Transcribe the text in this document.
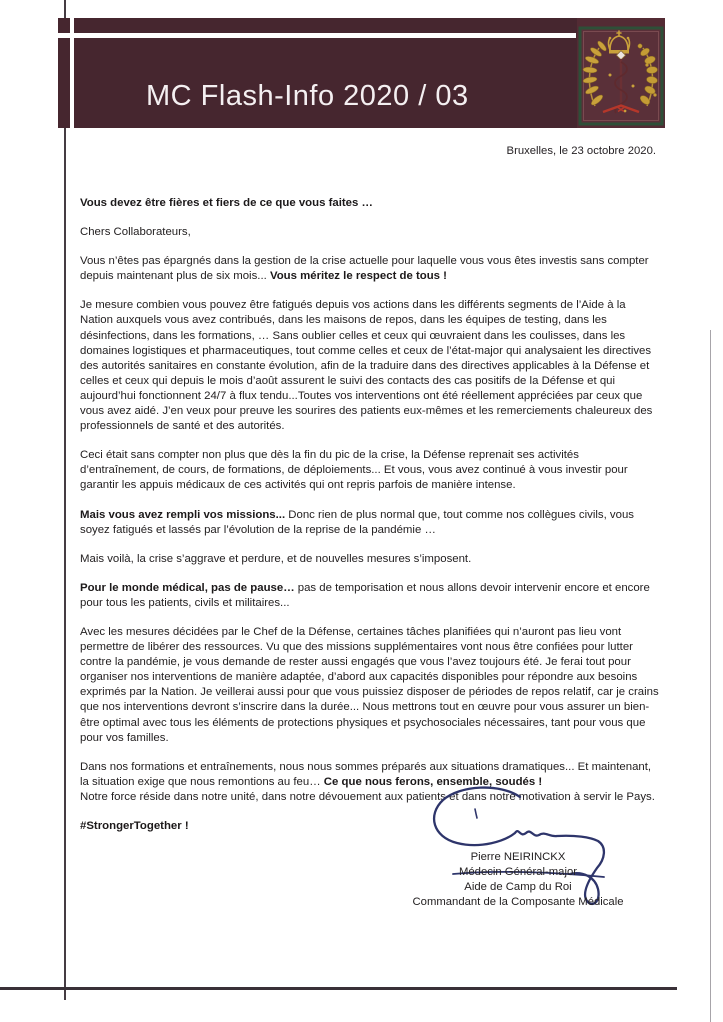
MC Flash-Info 2020 / 03
Bruxelles, le 23 octobre 2020.

Vous devez être fières et fiers de ce que vous faites …

Chers Collaborateurs,

Vous n’êtes pas épargnés dans la gestion de la crise actuelle pour laquelle vous vous êtes investis sans compter depuis maintenant plus de six mois... Vous méritez le respect de tous !

Je mesure combien vous pouvez être fatigués depuis vos actions dans les différents segments de l’Aide à la Nation auxquels vous avez contribués, dans les maisons de repos, dans les équipes de testing, dans les désinfections, dans les formations, … Sans oublier celles et ceux qui œuvraient dans les coulisses, dans les domaines logistiques et pharmaceutiques, tout comme celles et ceux de l’état-major qui analysaient les directives des autorités sanitaires en constante évolution, afin de la traduire dans des directives applicables à la Défense et celles et ceux qui depuis le mois d’août assurent le suivi des contacts des cas positifs de la Défense et qui aujourd’hui fonctionnent 24/7 à flux tendu...Toutes vos interventions ont été réellement appréciées par ceux que vous avez aidé. J’en veux pour preuve les sourires des patients eux-mêmes et les remerciements chaleureux des professionnels de santé et des autorités.

Ceci était sans compter non plus que dès la fin du pic de la crise, la Défense reprenait ses activités d’entraînement, de cours, de formations, de déploiements... Et vous, vous avez continué à vous investir pour garantir les appuis médicaux de ces activités qui ont repris parfois de manière intense.

Mais vous avez rempli vos missions... Donc rien de plus normal que, tout comme nos collègues civils, vous soyez fatigués et lassés par l’évolution de la reprise de la pandémie …

Mais voilà, la crise s’aggrave et perdure, et de nouvelles mesures s’imposent.

Pour le monde médical, pas de pause… pas de temporisation et nous allons devoir intervenir encore et encore pour tous les patients, civils et militaires...

Avec les mesures décidées par le Chef de la Défense, certaines tâches planifiées qui n’auront pas lieu vont permettre de libérer des ressources. Vu que des missions supplémentaires vont nous être confiées pour lutter contre la pandémie, je vous demande de rester aussi engagés que vous l’avez toujours été. Je ferai tout pour organiser nos interventions de manière adaptée, d’abord aux capacités disponibles pour répondre aux besoins exprimés par la Nation. Je veillerai aussi pour que vous puissiez disposer de périodes de repos relatif, car je crains que nos interventions devront s’inscrire dans la durée... Nous mettrons tout en œuvre pour vous assurer un bien-être optimal avec tous les éléments de protections physiques et psychosociales nécessaires, tant pour vous que pour vos familles.

Dans nos formations et entraînements, nous nous sommes préparés aux situations dramatiques... Et maintenant, la situation exige que nous remontions au feu… Ce que nous ferons, ensemble, soudés !

Notre force réside dans notre unité, dans notre dévouement aux patients et dans notre motivation à servir le Pays.

#StrongerTogether !

Pierre NEIRINCKX
Médecin Général-major
Aide de Camp du Roi
Commandant de la Composante Médicale
